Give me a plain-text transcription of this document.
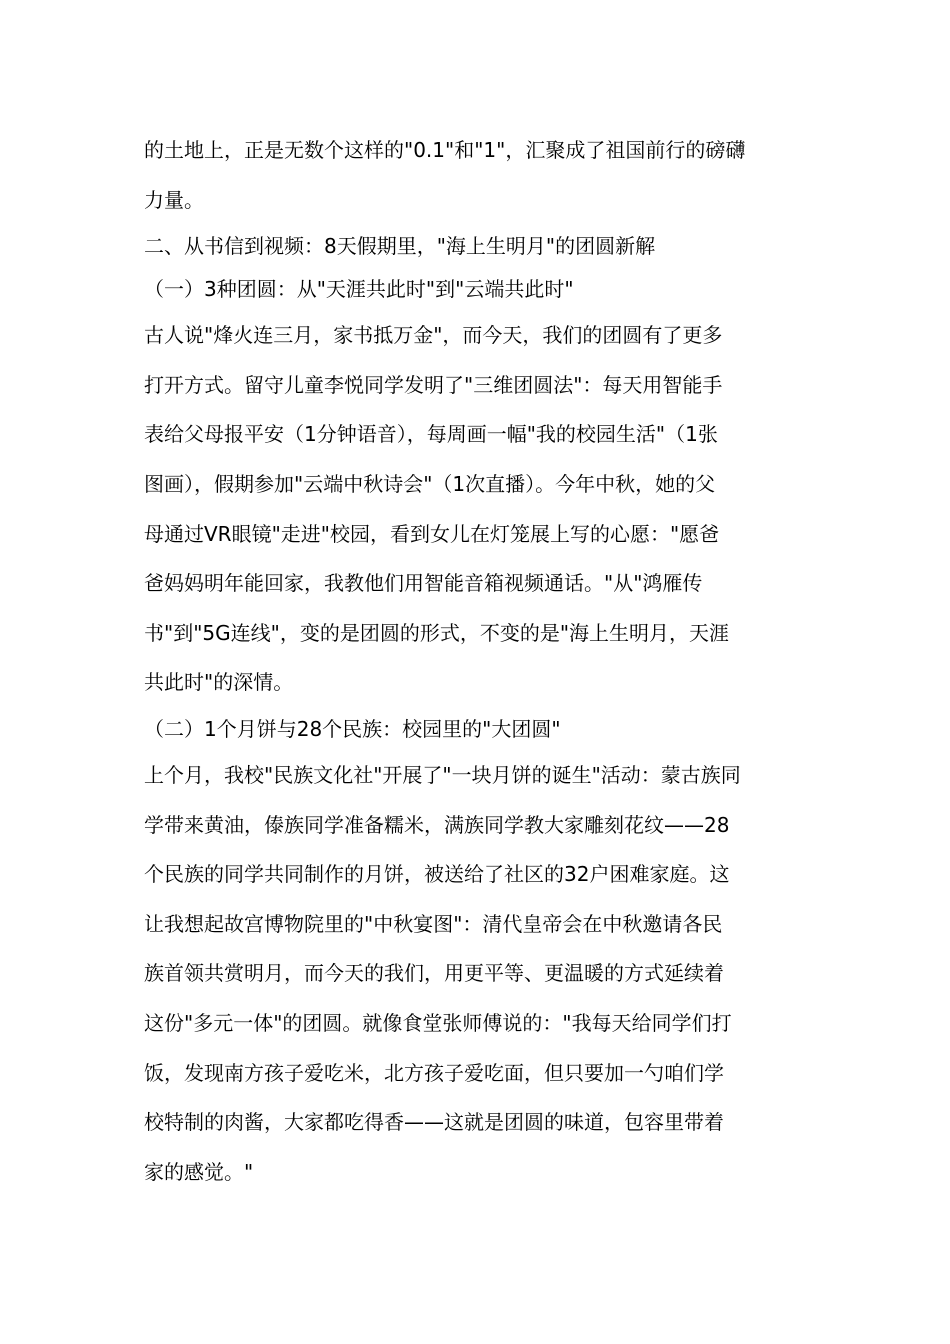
的土地上，正是无数个这样的"0.1"和"1"，汇聚成了祖国前行的磅礴
力量。
二、从书信到视频：8天假期里，"海上生明月"的团圆新解
（一）3种团圆：从"天涯共此时"到"云端共此时"
古人说"烽火连三月，家书抵万金"，而今天，我们的团圆有了更多
打开方式。留守儿童李悦同学发明了"三维团圆法"：每天用智能手
表给父母报平安（1分钟语音），每周画一幅"我的校园生活"（1张
图画），假期参加"云端中秋诗会"（1次直播）。今年中秋，她的父
母通过VR眼镜"走进"校园，看到女儿在灯笼展上写的心愿："愿爸
爸妈妈明年能回家，我教他们用智能音箱视频通话。"从"鸿雁传
书"到"5G连线"，变的是团圆的形式，不变的是"海上生明月，天涯
共此时"的深情。
（二）1个月饼与28个民族：校园里的"大团圆"
上个月，我校"民族文化社"开展了"一块月饼的诞生"活动：蒙古族同
学带来黄油，傣族同学准备糯米，满族同学教大家雕刻花纹——28
个民族的同学共同制作的月饼，被送给了社区的32户困难家庭。这
让我想起故宫博物院里的"中秋宴图"：清代皇帝会在中秋邀请各民
族首领共赏明月，而今天的我们，用更平等、更温暖的方式延续着
这份"多元一体"的团圆。就像食堂张师傅说的："我每天给同学们打
饭，发现南方孩子爱吃米，北方孩子爱吃面，但只要加一勺咱们学
校特制的肉酱，大家都吃得香——这就是团圆的味道，包容里带着
家的感觉。"
